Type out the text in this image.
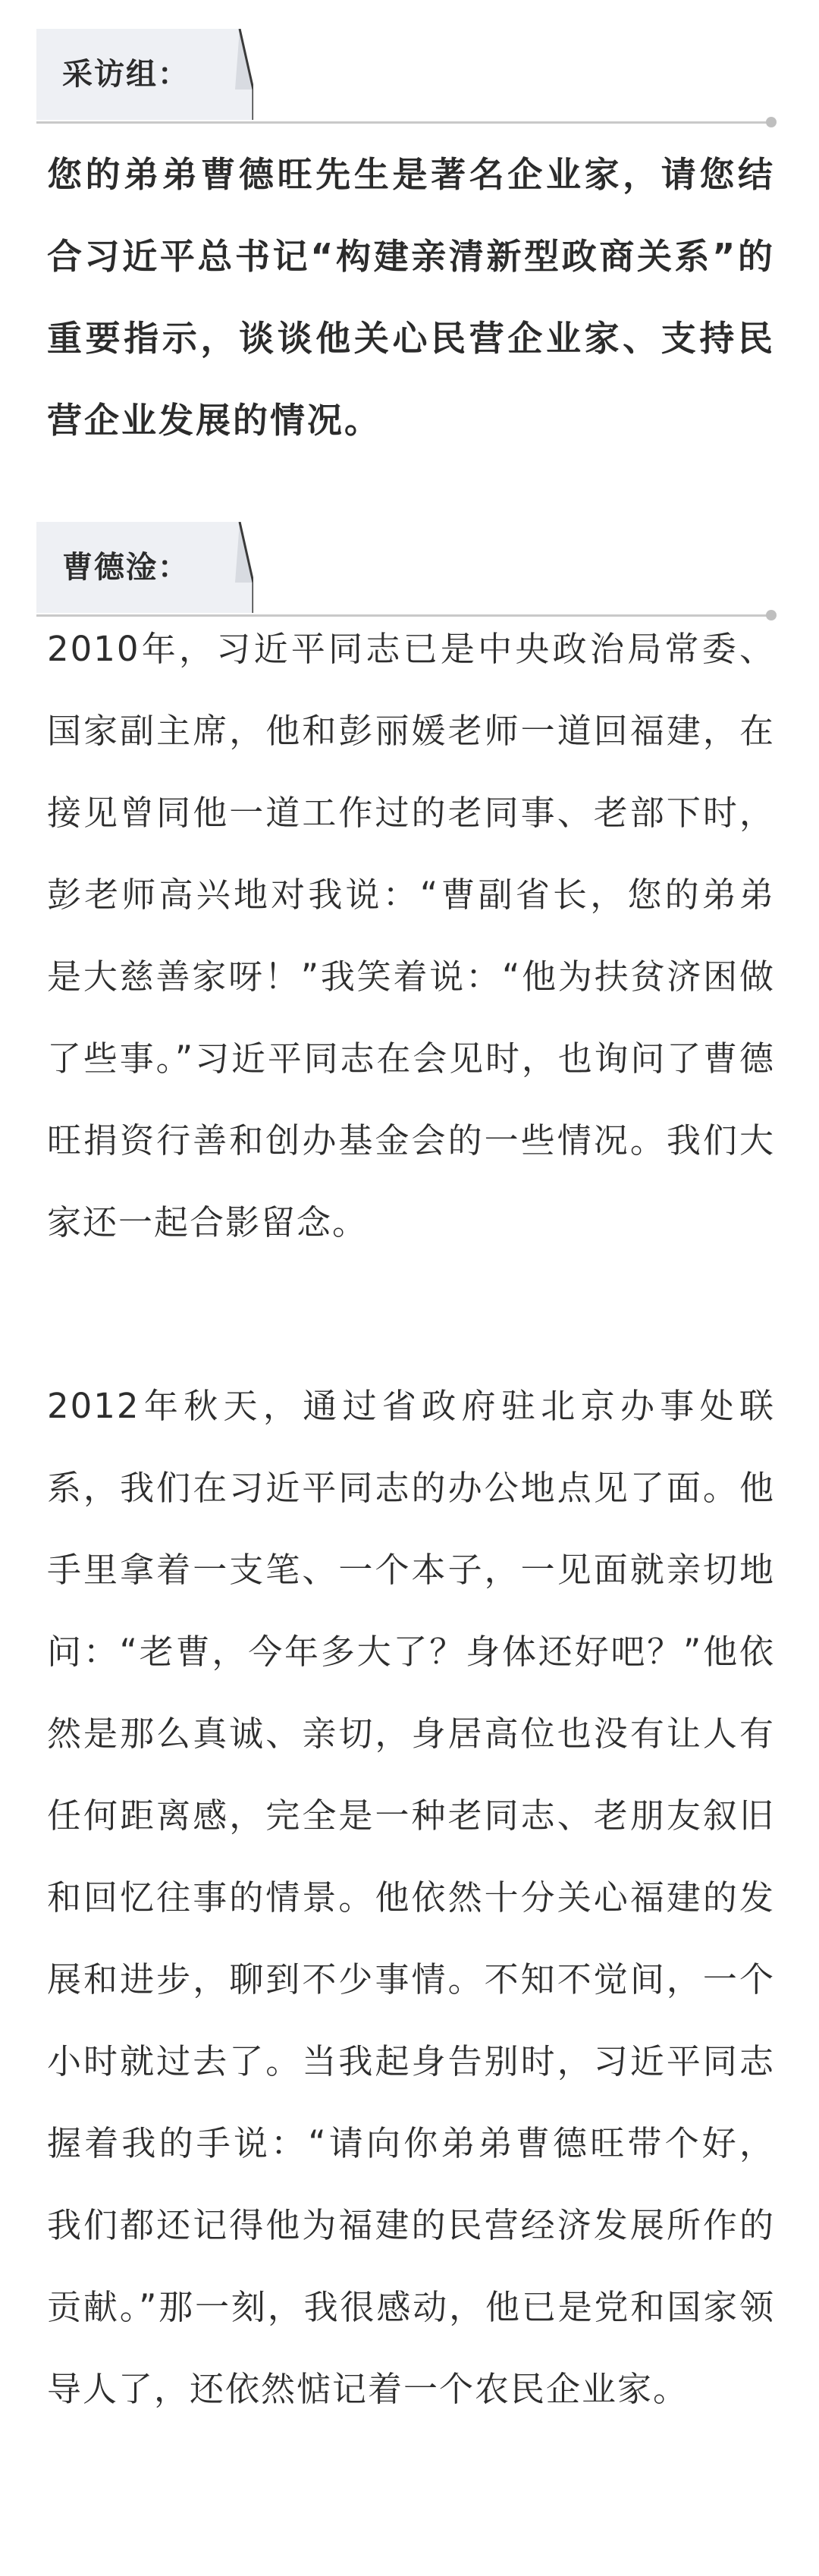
采访组：
您的弟弟曹德旺先生是著名企业家，请您结合习近平总书记“构建亲清新型政商关系”的重要指示，谈谈他关心民营企业家、支持民营企业发展的情况。
曹德淦：
2010年，习近平同志已是中央政治局常委、国家副主席，他和彭丽媛老师一道回福建，在接见曾同他一道工作过的老同事、老部下时，彭老师高兴地对我说：“曹副省长，您的弟弟是大慈善家呀！”我笑着说：“他为扶贫济困做了些事。”习近平同志在会见时，也询问了曹德旺捐资行善和创办基金会的一些情况。我们大家还一起合影留念。
2012年秋天，通过省政府驻北京办事处联系，我们在习近平同志的办公地点见了面。他手里拿着一支笔、一个本子，一见面就亲切地问：“老曹，今年多大了？身体还好吧？”他依然是那么真诚、亲切，身居高位也没有让人有任何距离感，完全是一种老同志、老朋友叙旧和回忆往事的情景。他依然十分关心福建的发展和进步，聊到不少事情。不知不觉间，一个小时就过去了。当我起身告别时，习近平同志握着我的手说：“请向你弟弟曹德旺带个好，我们都还记得他为福建的民营经济发展所作的贡献。”那一刻，我很感动，他已是党和国家领导人了，还依然惦记着一个农民企业家。
